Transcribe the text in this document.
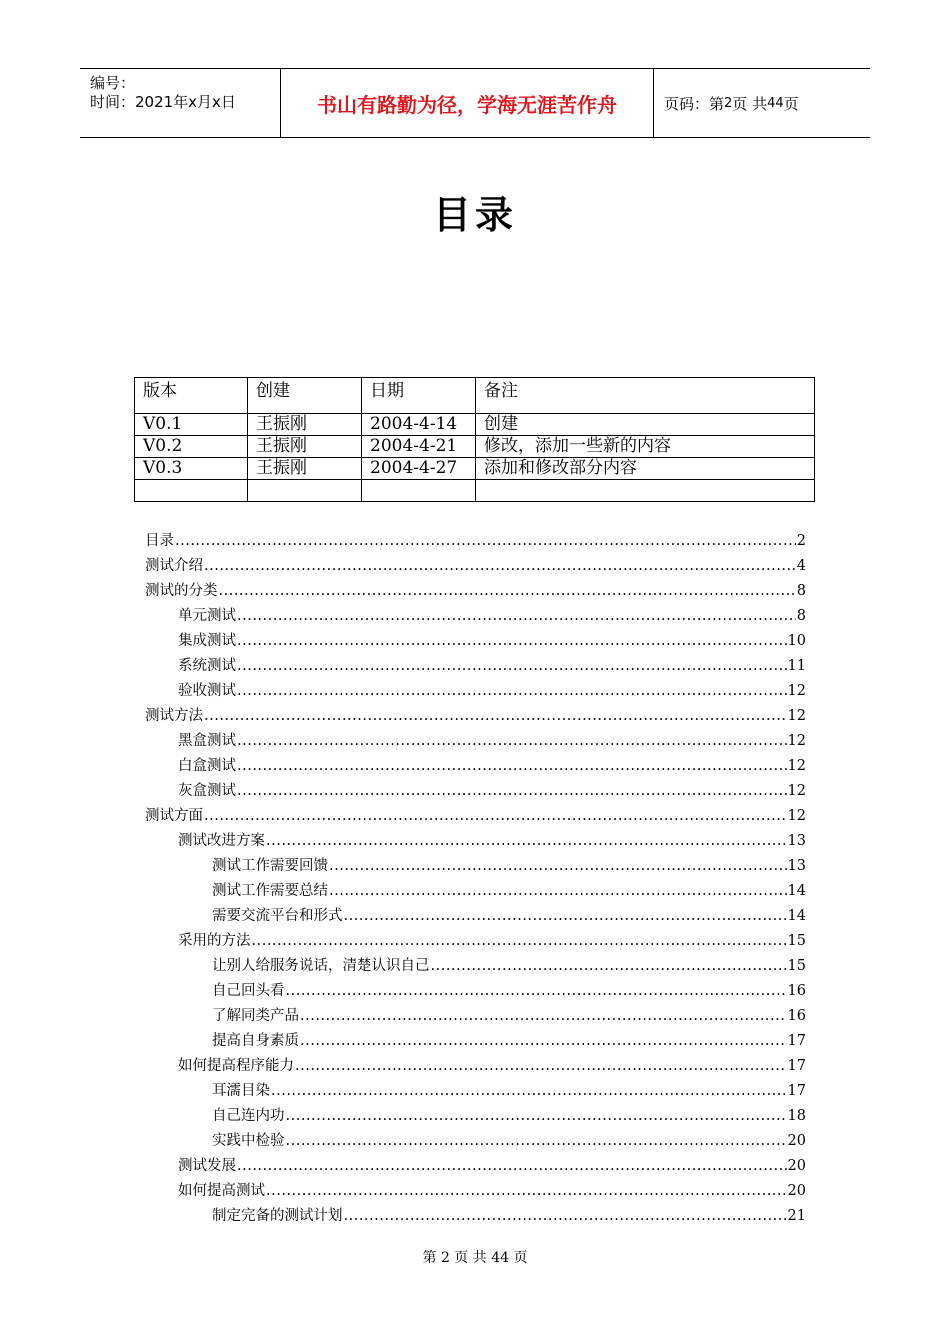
编号：
时间：2021年x月x日	书山有路勤为径，学海无涯苦作舟	页码：第 2 页 共 44 页
目录
版本	创建	日期	备注
V0.1	王振刚	2004-4-14	创建
V0.2	王振刚	2004-4-21	修改，添加一些新的内容
V0.3	王振刚	2004-4-27	添加和修改部分内容

目录 .....	2
测试介绍 .....	4
测试的分类 .....	8
单元测试 .....	8
集成测试 .....	10
系统测试 .....	11
验收测试 .....	12
测试方法 .....	12
黑盒测试 .....	12
白盒测试 .....	12
灰盒测试 .....	12
测试方面 .....	12
测试改进方案 .....	13
测试工作需要回馈 .....	13
测试工作需要总结 .....	14
需要交流平台和形式 .....	14
采用的方法 .....	15
让别人给服务说话，清楚认识自己 .....	15
自己回头看 .....	16
了解同类产品 .....	16
提高自身素质 .....	17
如何提高程序能力 .....	17
耳濡目染 .....	17
自己连内功 .....	18
实践中检验 .....	20
测试发展 .....	20
如何提高测试 .....	20
制定完备的测试计划 .....	21
第 2 页 共 44 页
